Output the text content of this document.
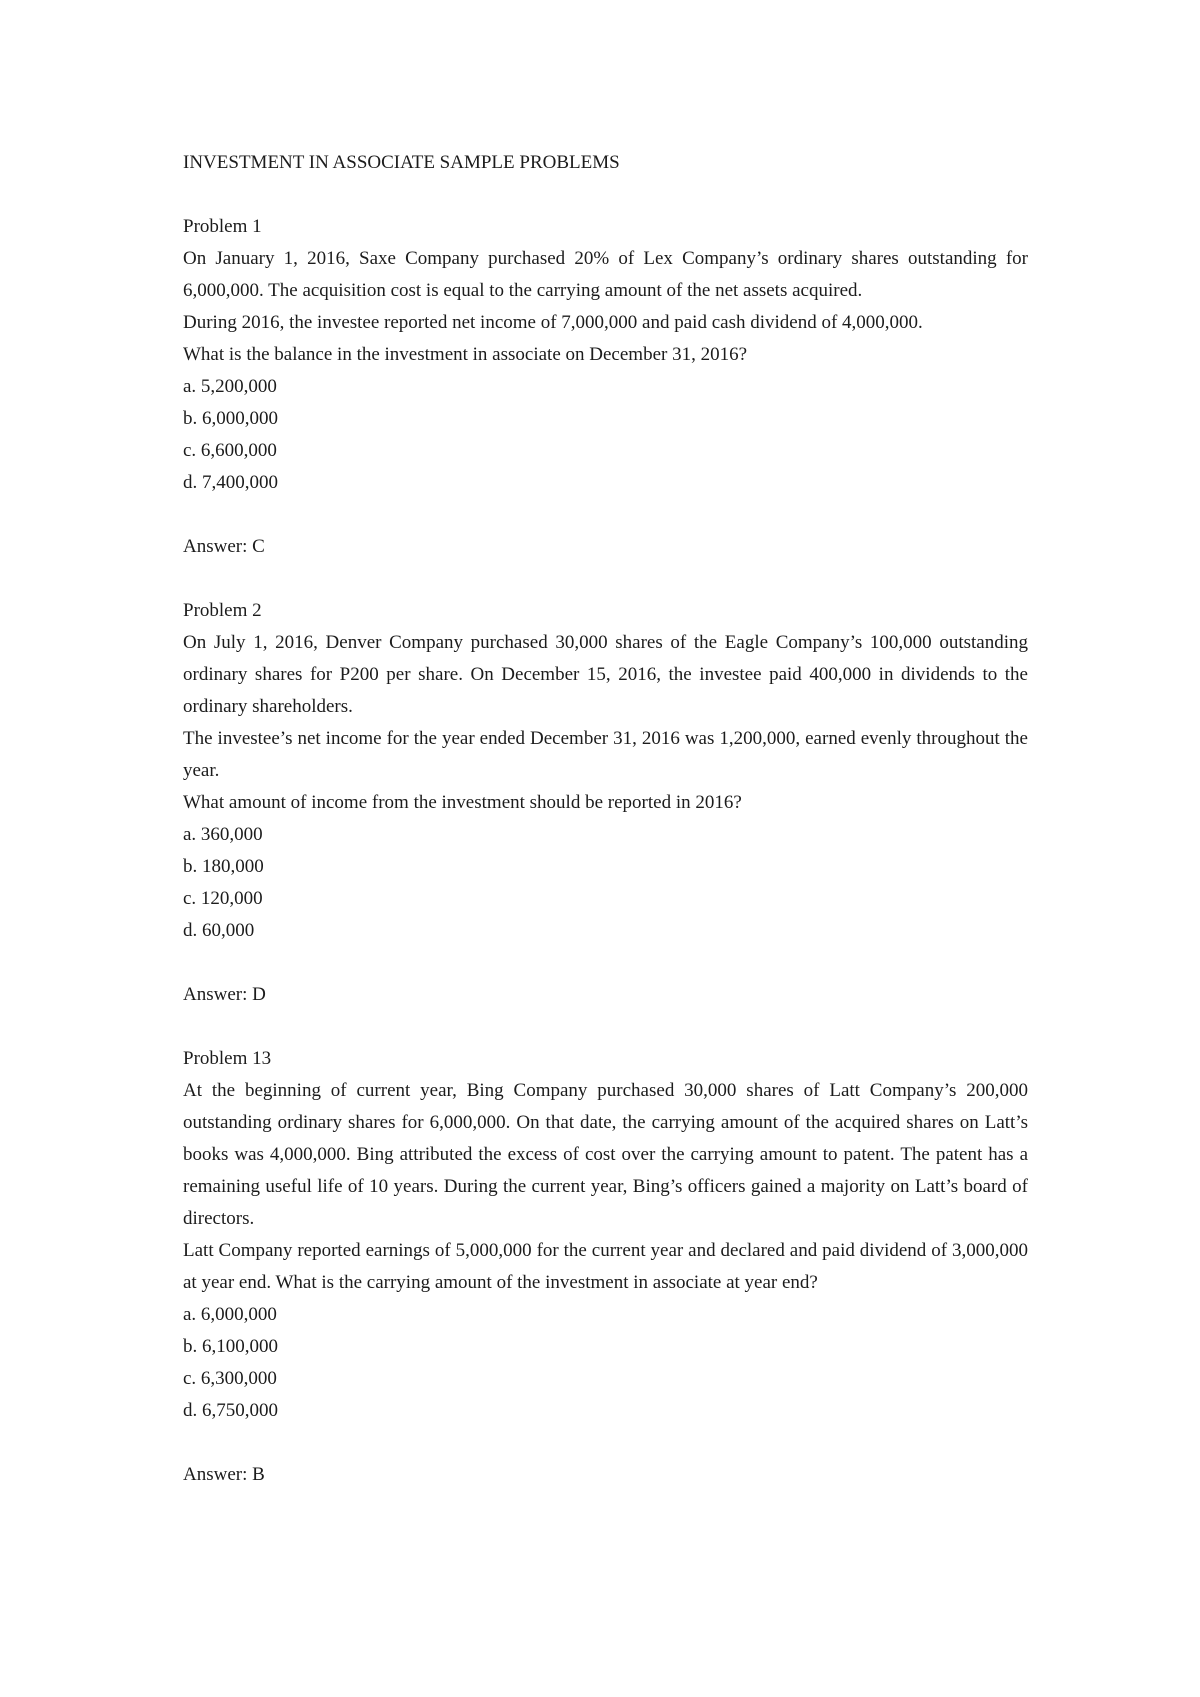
INVESTMENT IN ASSOCIATE SAMPLE PROBLEMS
Problem 1
On January 1, 2016, Saxe Company purchased 20% of Lex Company’s ordinary shares outstanding for 6,000,000. The acquisition cost is equal to the carrying amount of the net assets acquired.
During 2016, the investee reported net income of 7,000,000 and paid cash dividend of 4,000,000.
What is the balance in the investment in associate on December 31, 2016?
a. 5,200,000
b. 6,000,000
c. 6,600,000
d. 7,400,000
Answer: C
Problem 2
On July 1, 2016, Denver Company purchased 30,000 shares of the Eagle Company’s 100,000 outstanding ordinary shares for P200 per share. On December 15, 2016, the investee paid 400,000 in dividends to the ordinary shareholders.
The investee’s net income for the year ended December 31, 2016 was 1,200,000, earned evenly throughout the year.
What amount of income from the investment should be reported in 2016?
a. 360,000
b. 180,000
c. 120,000
d. 60,000
Answer: D
Problem 13
At the beginning of current year, Bing Company purchased 30,000 shares of Latt Company’s 200,000 outstanding ordinary shares for 6,000,000. On that date, the carrying amount of the acquired shares on Latt’s books was 4,000,000. Bing attributed the excess of cost over the carrying amount to patent. The patent has a remaining useful life of 10 years. During the current year, Bing’s officers gained a majority on Latt’s board of directors.
Latt Company reported earnings of 5,000,000 for the current year and declared and paid dividend of 3,000,000 at year end. What is the carrying amount of the investment in associate at year end?
a. 6,000,000
b. 6,100,000
c. 6,300,000
d. 6,750,000
Answer: B
